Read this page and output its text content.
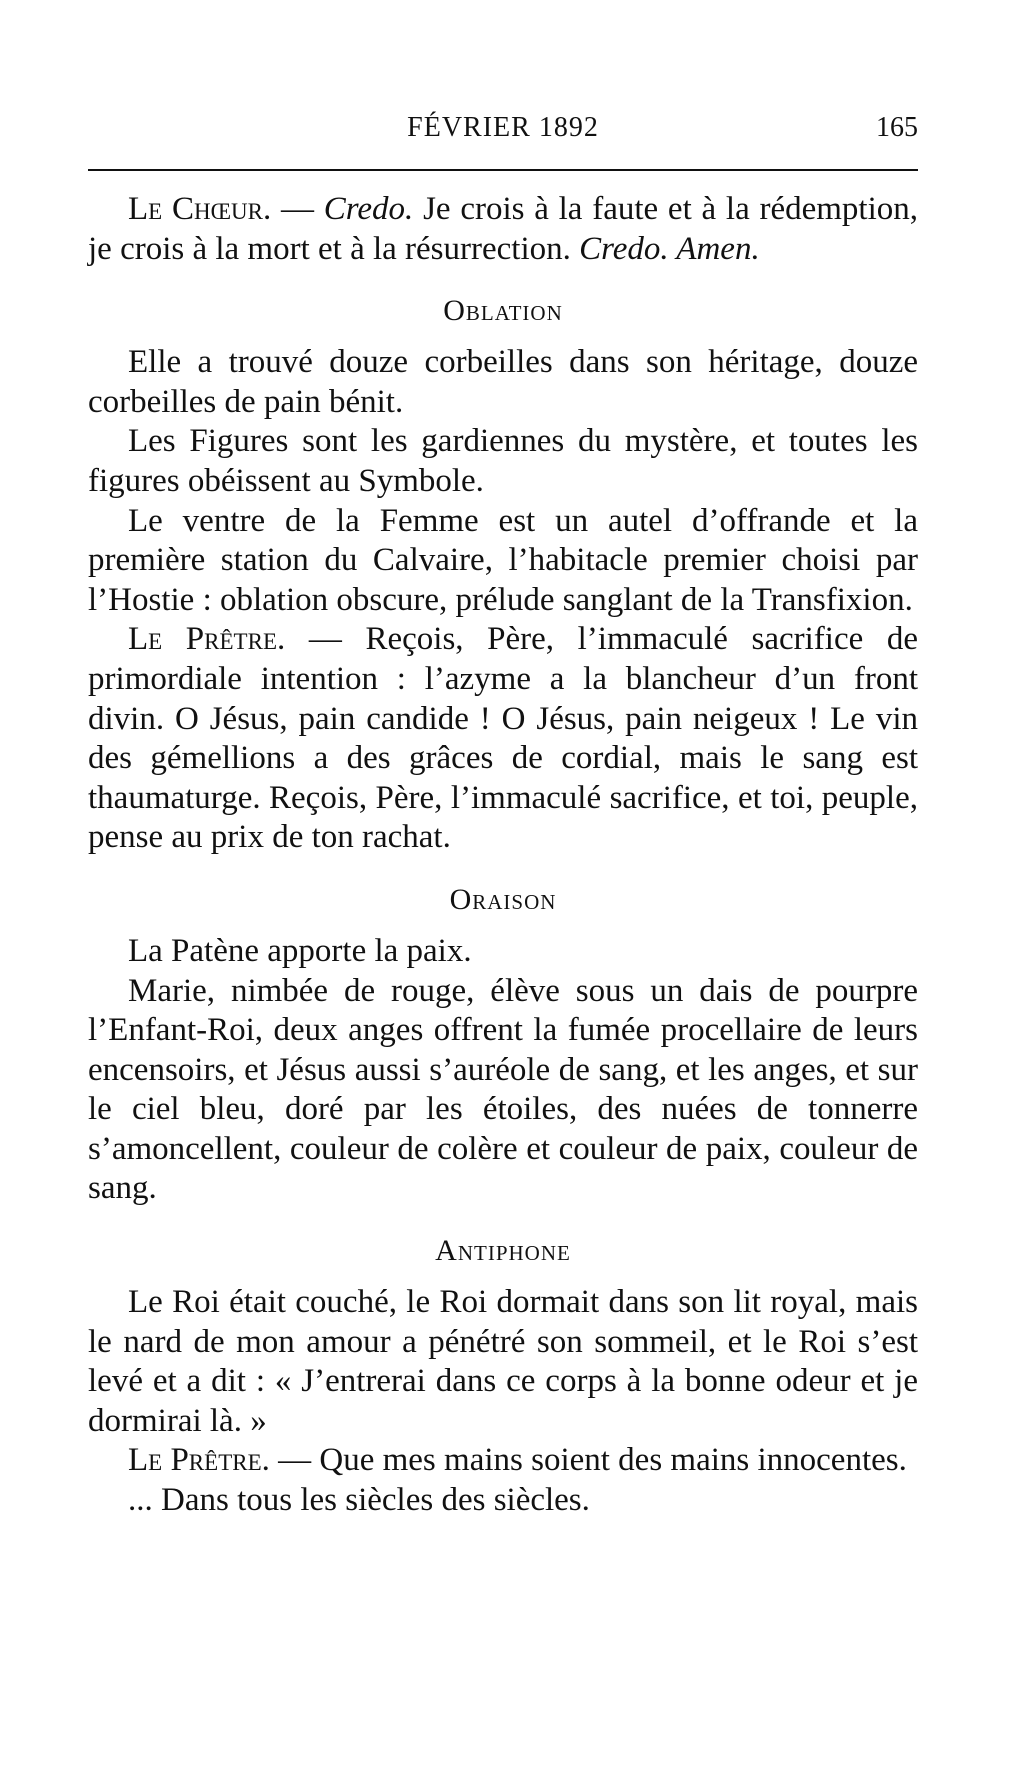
FÉVRIER 1892	165

Le Chœur. — Credo. Je crois à la faute et à la rédemption, je crois à la mort et à la résurrection. Credo. Amen.

Oblation

Elle a trouvé douze corbeilles dans son héritage, douze corbeilles de pain bénit.

Les Figures sont les gardiennes du mystère, et toutes les figures obéissent au Symbole.

Le ventre de la Femme est un autel d’offrande et la première station du Calvaire, l’habitacle premier choisi par l’Hostie : oblation obscure, prélude sanglant de la Transfixion.

Le Prêtre. — Reçois, Père, l’immaculé sacrifice de primordiale intention : l’azyme a la blancheur d’un front divin. O Jésus, pain candide ! O Jésus, pain neigeux ! Le vin des gémellions a des grâces de cordial, mais le sang est thaumaturge. Reçois, Père, l’immaculé sacrifice, et toi, peuple, pense au prix de ton rachat.

Oraison

La Patène apporte la paix.

Marie, nimbée de rouge, élève sous un dais de pourpre l’Enfant-Roi, deux anges offrent la fumée procellaire de leurs encensoirs, et Jésus aussi s’auréole de sang, et les anges, et sur le ciel bleu, doré par les étoiles, des nuées de tonnerre s’amoncellent, couleur de colère et couleur de paix, couleur de sang.

Antiphone

Le Roi était couché, le Roi dormait dans son lit royal, mais le nard de mon amour a pénétré son sommeil, et le Roi s’est levé et a dit : « J’entrerai dans ce corps à la bonne odeur et je dormirai là. »

Le Prêtre. — Que mes mains soient des mains innocentes.

... Dans tous les siècles des siècles.
